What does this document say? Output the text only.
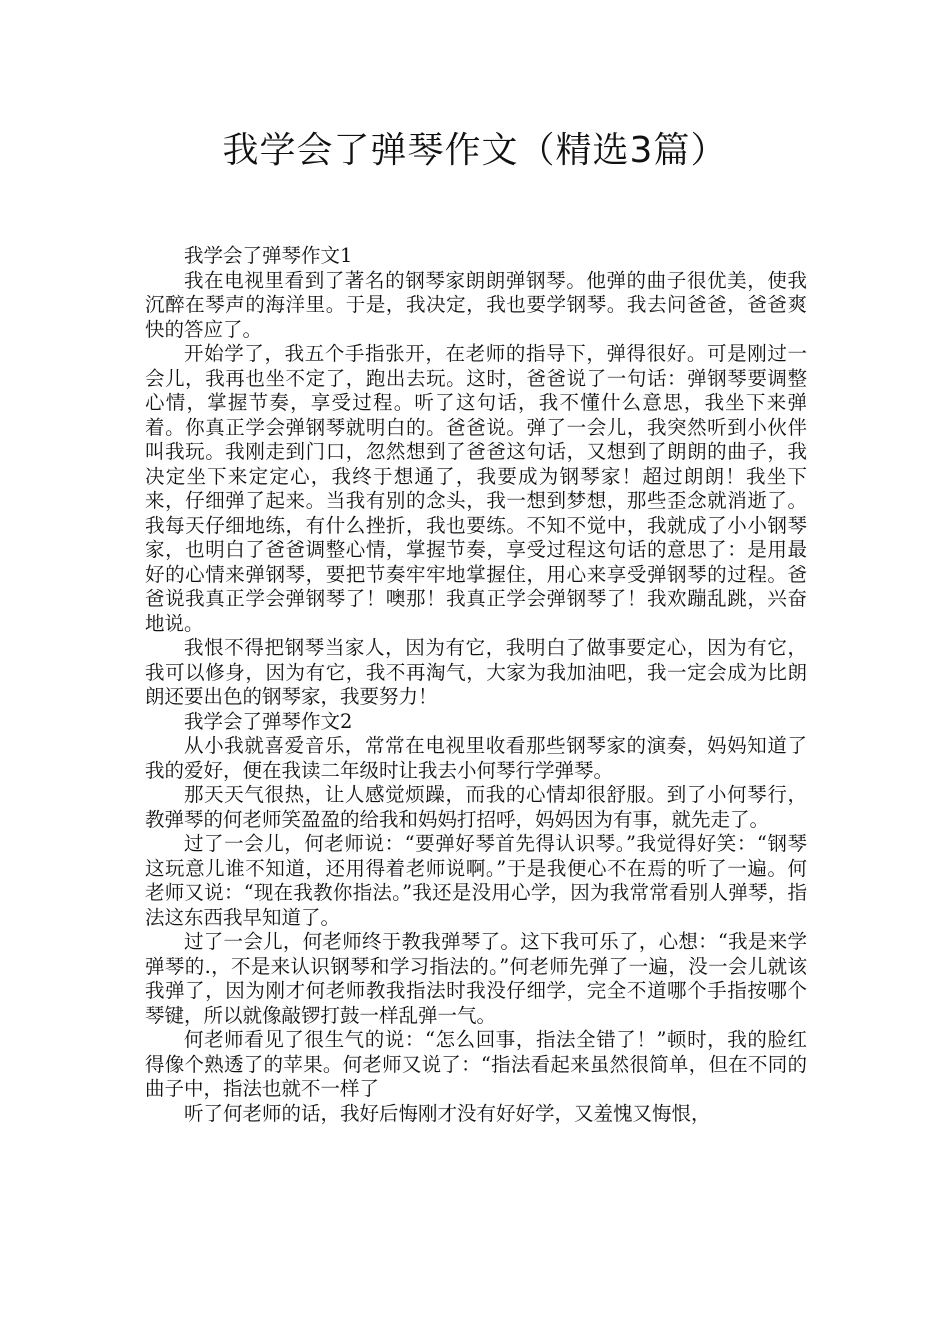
我学会了弹琴作文（精选3篇）

我学会了弹琴作文1

我在电视里看到了著名的钢琴家朗朗弹钢琴。他弹的曲子很优美，使我沉醉在琴声的海洋里。于是，我决定，我也要学钢琴。我去问爸爸，爸爸爽快的答应了。

开始学了，我五个手指张开，在老师的指导下，弹得很好。可是刚过一会儿，我再也坐不定了，跑出去玩。这时，爸爸说了一句话：弹钢琴要调整心情，掌握节奏，享受过程。听了这句话，我不懂什么意思，我坐下来弹着。你真正学会弹钢琴就明白的。爸爸说。弹了一会儿，我突然听到小伙伴叫我玩。我刚走到门口，忽然想到了爸爸这句话，又想到了朗朗的曲子，我决定坐下来定定心，我终于想通了，我要成为钢琴家！超过朗朗！我坐下来，仔细弹了起来。当我有别的念头，我一想到梦想，那些歪念就消逝了。我每天仔细地练，有什么挫折，我也要练。不知不觉中，我就成了小小钢琴家，也明白了爸爸调整心情，掌握节奏，享受过程这句话的意思了：是用最好的心情来弹钢琴，要把节奏牢牢地掌握住，用心来享受弹钢琴的过程。爸爸说我真正学会弹钢琴了！噢那！我真正学会弹钢琴了！我欢蹦乱跳，兴奋地说。

我恨不得把钢琴当家人，因为有它，我明白了做事要定心，因为有它，我可以修身，因为有它，我不再淘气，大家为我加油吧，我一定会成为比朗朗还要出色的钢琴家，我要努力！

我学会了弹琴作文2

从小我就喜爱音乐，常常在电视里收看那些钢琴家的演奏，妈妈知道了我的爱好，便在我读二年级时让我去小何琴行学弹琴。

那天天气很热，让人感觉烦躁，而我的心情却很舒服。到了小何琴行，教弹琴的何老师笑盈盈的给我和妈妈打招呼，妈妈因为有事，就先走了。

过了一会儿，何老师说：“要弹好琴首先得认识琴。”我觉得好笑：“钢琴这玩意儿谁不知道，还用得着老师说啊。”于是我便心不在焉的听了一遍。何老师又说：“现在我教你指法。”我还是没用心学，因为我常常看别人弹琴，指法这东西我早知道了。

过了一会儿，何老师终于教我弹琴了。这下我可乐了，心想：“我是来学弹琴的.，不是来认识钢琴和学习指法的。”何老师先弹了一遍，没一会儿就该我弹了，因为刚才何老师教我指法时我没仔细学，完全不道哪个手指按哪个琴键，所以就像敲锣打鼓一样乱弹一气。

何老师看见了很生气的说：“怎么回事，指法全错了！”顿时，我的脸红得像个熟透了的苹果。何老师又说了：“指法看起来虽然很简单，但在不同的曲子中，指法也就不一样了

听了何老师的话，我好后悔刚才没有好好学，又羞愧又悔恨，
